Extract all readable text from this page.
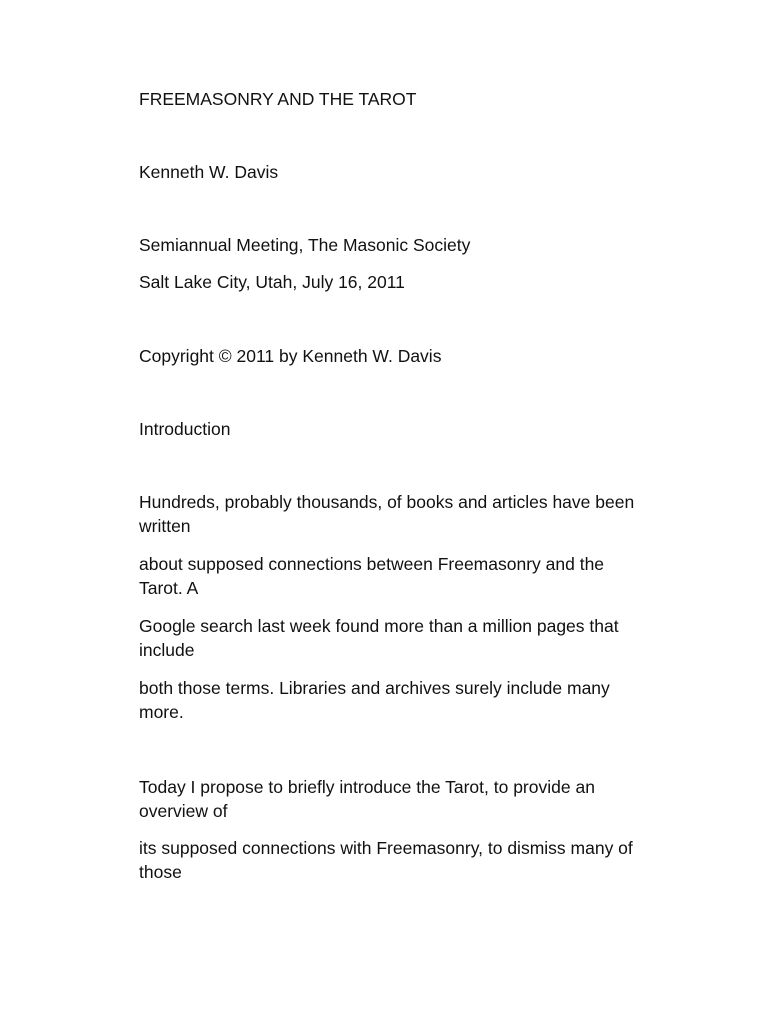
FREEMASONRY AND THE TAROT

Kenneth W. Davis

Semiannual Meeting, The Masonic Society

Salt Lake City, Utah, July 16, 2011

Copyright © 2011 by Kenneth W. Davis

Introduction

Hundreds, probably thousands, of books and articles have been written

about supposed connections between Freemasonry and the Tarot. A

Google search last week found more than a million pages that include

both those terms. Libraries and archives surely include many more.

Today I propose to briefly introduce the Tarot, to provide an overview of

its supposed connections with Freemasonry, to dismiss many of those
